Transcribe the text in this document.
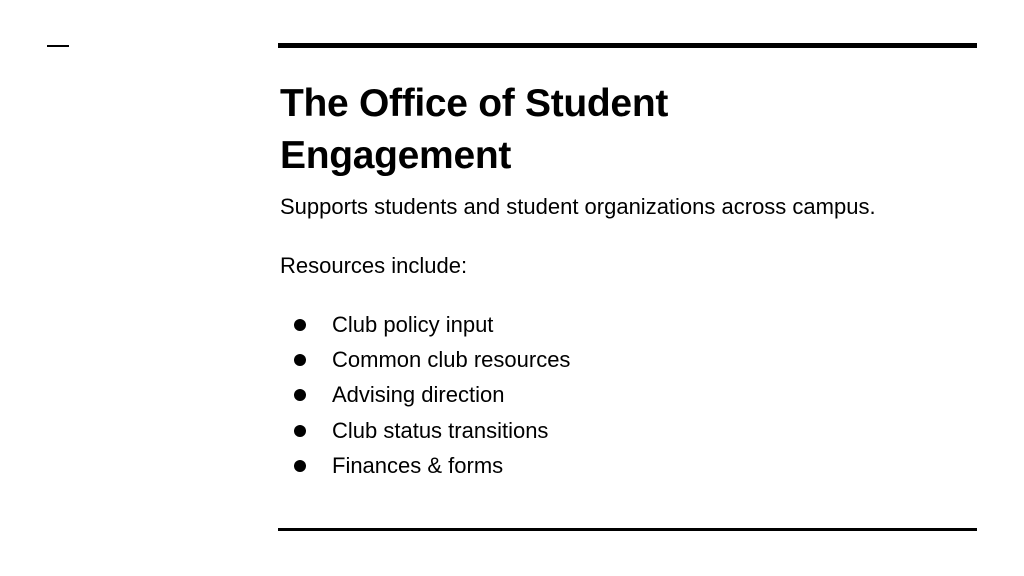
The Office of Student Engagement

Supports students and student organizations across campus.

Resources include:

Club policy input
Common club resources
Advising direction
Club status transitions
Finances & forms
